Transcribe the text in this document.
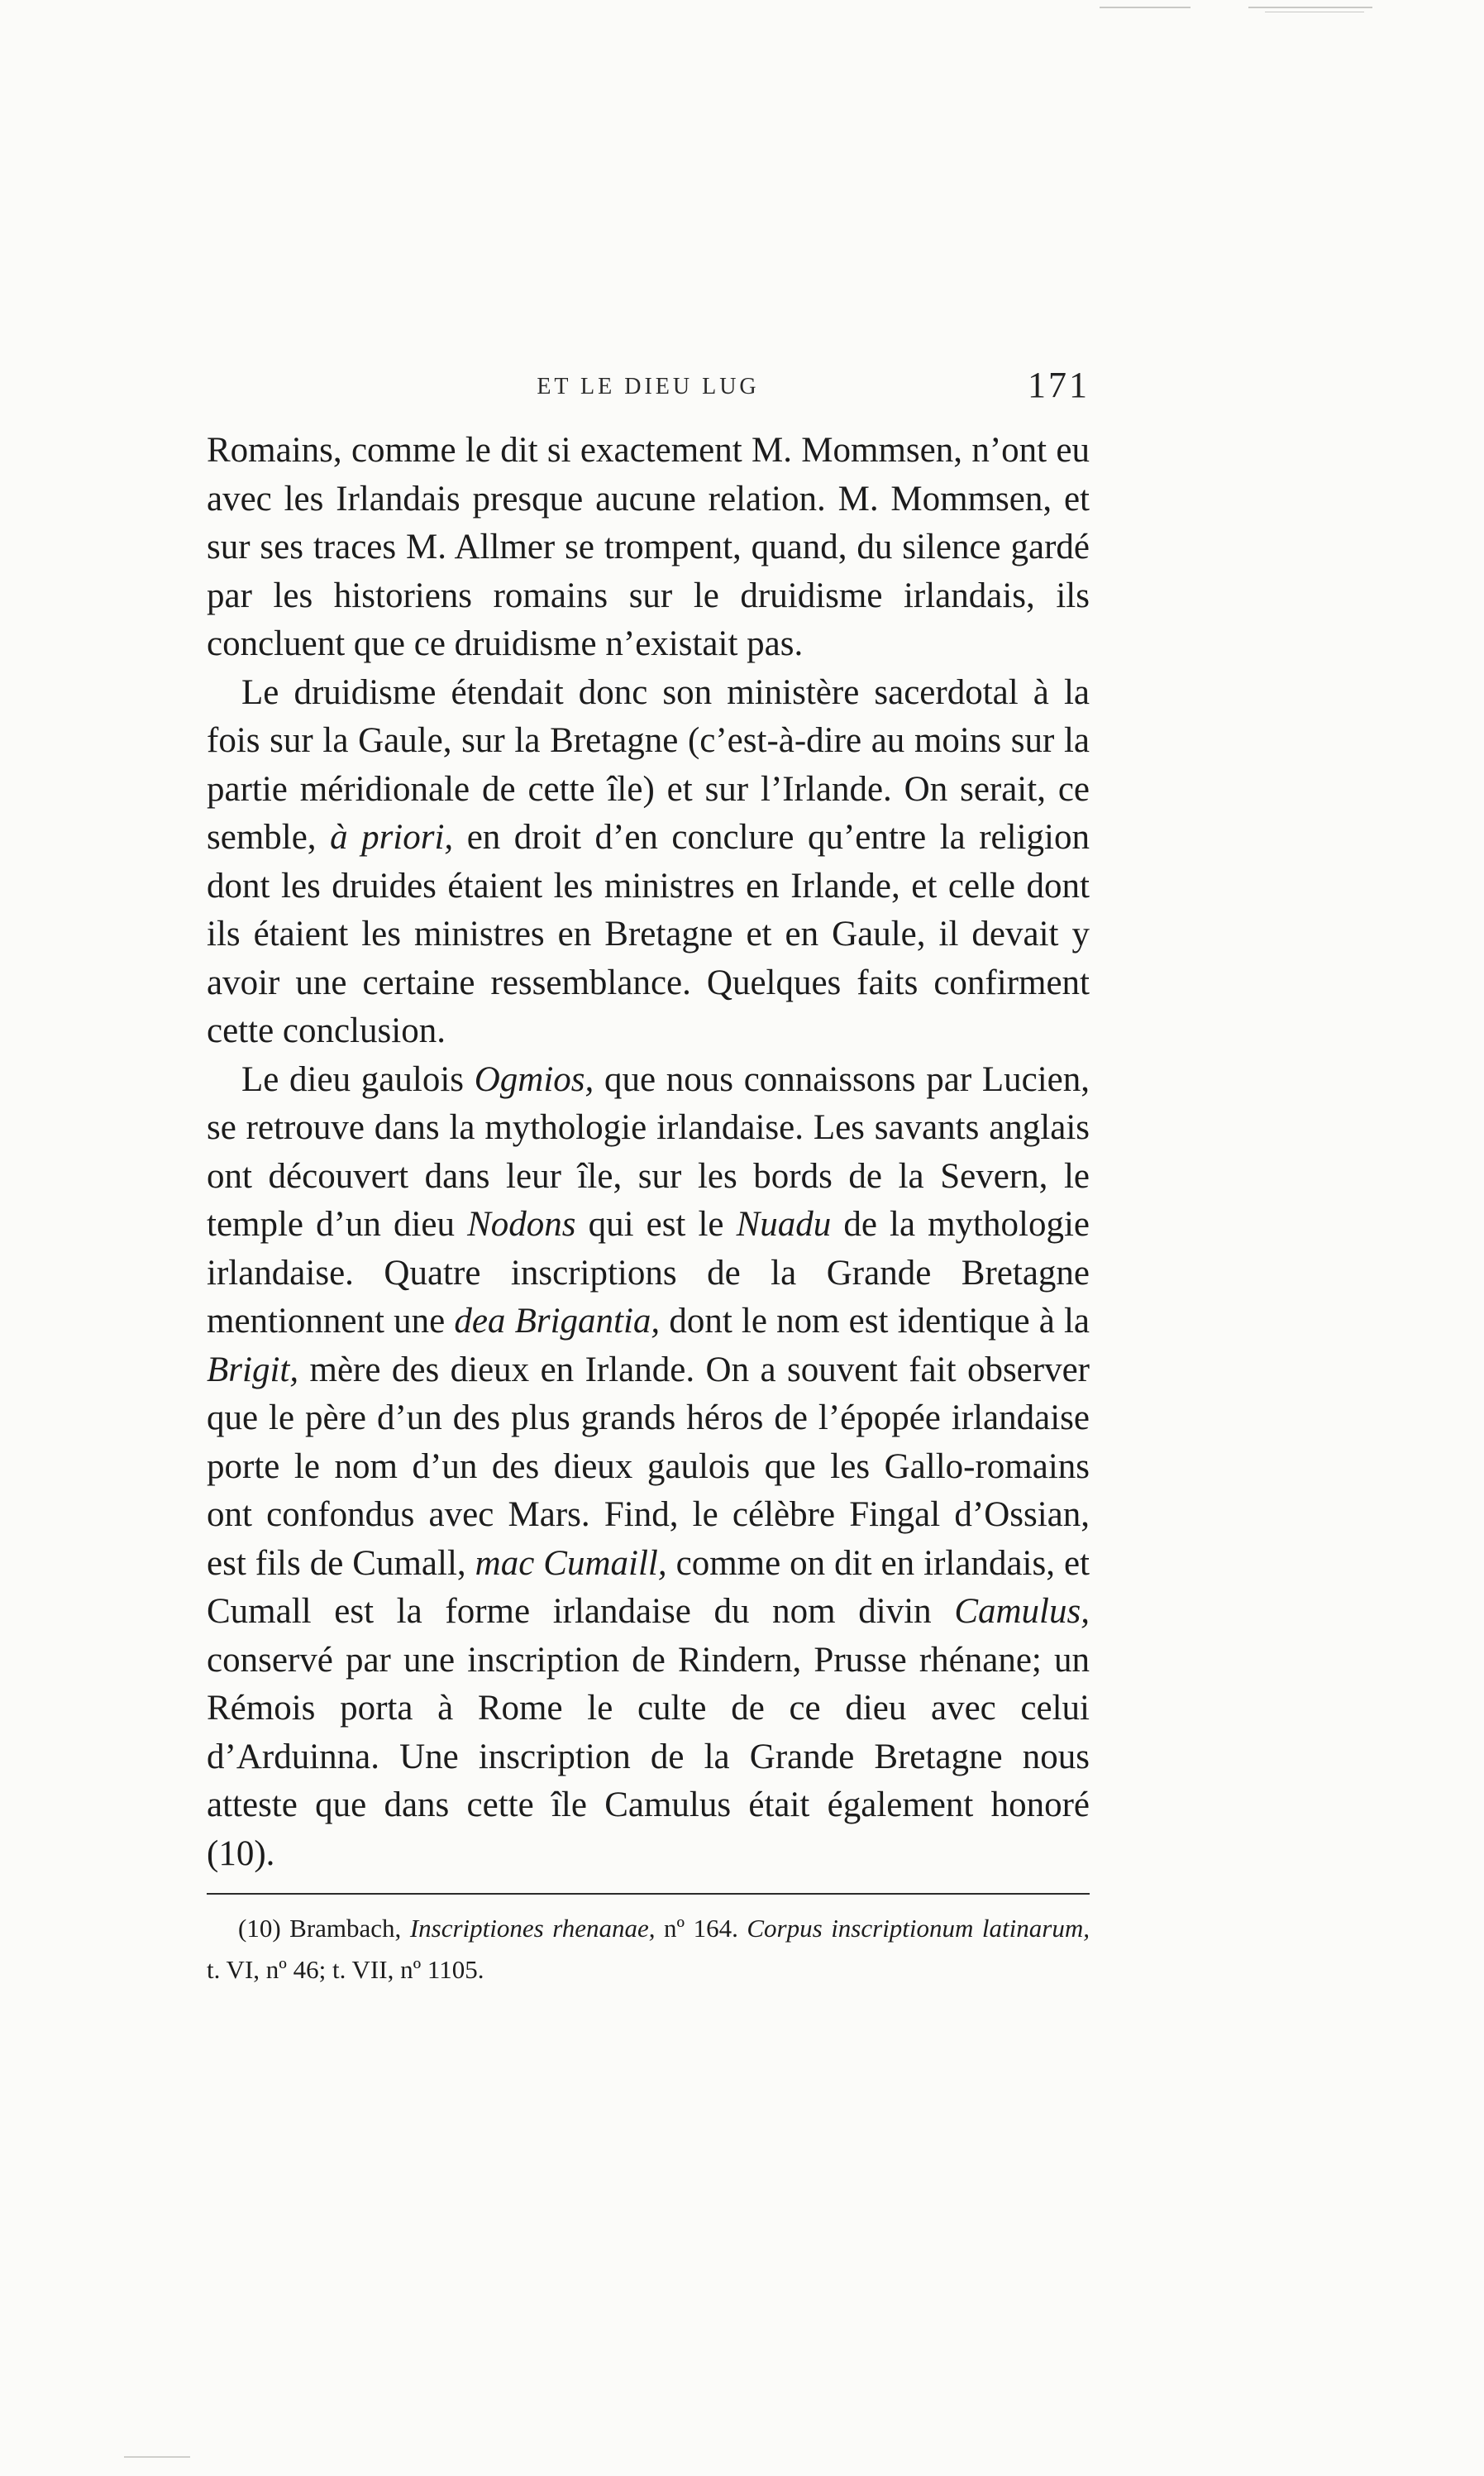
ET LE DIEU LUG	171

Romains, comme le dit si exactement M. Mommsen, n’ont eu avec les Irlandais presque aucune relation. M. Mommsen, et sur ses traces M. Allmer se trompent, quand, du silence gardé par les historiens romains sur le druidisme irlandais, ils concluent que ce druidisme n’existait pas.

Le druidisme étendait donc son ministère sacerdotal à la fois sur la Gaule, sur la Bretagne (c’est-à-dire au moins sur la partie méridionale de cette île) et sur l’Irlande. On serait, ce semble, à priori, en droit d’en conclure qu’entre la religion dont les druides étaient les ministres en Irlande, et celle dont ils étaient les ministres en Bretagne et en Gaule, il devait y avoir une certaine ressemblance. Quelques faits confirment cette conclusion.

Le dieu gaulois Ogmios, que nous connaissons par Lucien, se retrouve dans la mythologie irlandaise. Les savants anglais ont découvert dans leur île, sur les bords de la Severn, le temple d’un dieu Nodons qui est le Nuadu de la mythologie irlandaise. Quatre inscriptions de la Grande Bretagne mentionnent une dea Brigantia, dont le nom est identique à la Brigit, mère des dieux en Irlande. On a souvent fait observer que le père d’un des plus grands héros de l’épopée irlandaise porte le nom d’un des dieux gaulois que les Gallo-romains ont confondus avec Mars. Find, le célèbre Fingal d’Ossian, est fils de Cumall, mac Cumaill, comme on dit en irlandais, et Cumall est la forme irlandaise du nom divin Camulus, conservé par une inscription de Rindern, Prusse rhénane; un Rémois porta à Rome le culte de ce dieu avec celui d’Arduinna. Une inscription de la Grande Bretagne nous atteste que dans cette île Camulus était également honoré (10).

(10) Brambach, Inscriptiones rhenanae, nº 164. Corpus inscriptionum latinarum, t. VI, nº 46; t. VII, nº 1105.
